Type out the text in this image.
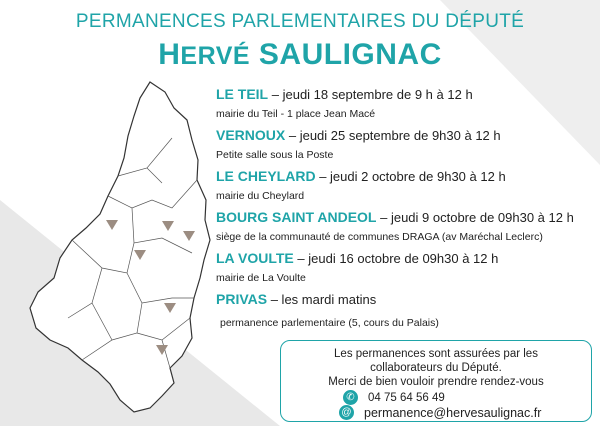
PERMANENCES PARLEMENTAIRES DU DÉPUTÉ
HERVÉ SAULIGNAC
LE TEIL – jeudi 18 septembre de 9 h à 12 h
mairie du Teil - 1 place Jean Macé
VERNOUX – jeudi 25 septembre de 9h30 à 12 h
Petite salle sous la Poste
LE CHEYLARD – jeudi 2 octobre de 9h30 à 12 h
mairie du Cheylard
BOURG SAINT ANDEOL – jeudi 9 octobre de 09h30 à 12 h
siège de la communauté de communes DRAGA (av Maréchal Leclerc)
LA VOULTE – jeudi 16 octobre de 09h30 à 12 h
mairie de La Voulte
PRIVAS – les mardi matins
permanence parlementaire (5, cours du Palais)
Les permanences sont assurées par les
collaborateurs du Député.
Merci de bien vouloir prendre rendez-vous
✆ 04 75 64 56 49
@ permanence@hervesaulignac.fr
